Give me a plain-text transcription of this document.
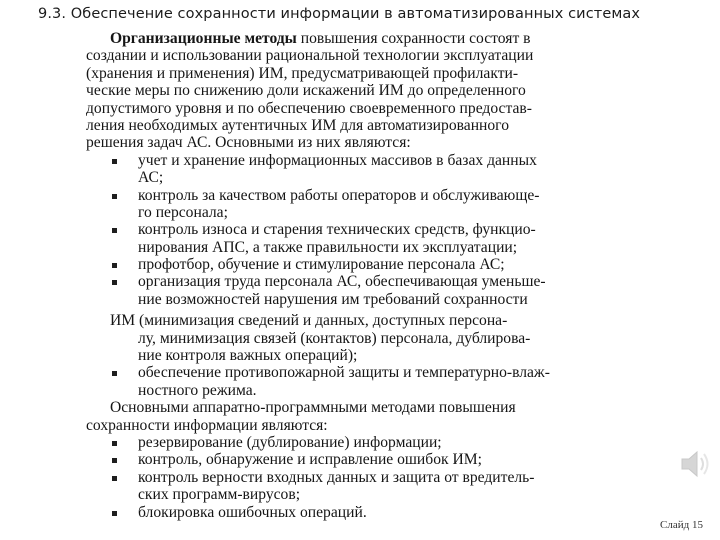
9.3. Обеспечение сохранности информации в автоматизированных системах
Организационные методы повышения сохранности состоят в
создании и использовании рациональной технологии эксплуатации
(хранения и применения) ИМ, предусматривающей профилакти-
ческие меры по снижению доли искажений ИМ до определенного
допустимого уровня и по обеспечению своевременного предостав-
ления необходимых аутентичных ИМ для автоматизированного
решения задач АС. Основными из них являются:
учет и хранение информационных массивов в базах данных
АС;
контроль за качеством работы операторов и обслуживающе-
го персонала;
контроль износа и старения технических средств, функцио-
нирования АПС, а также правильности их эксплуатации;
профотбор, обучение и стимулирование персонала АС;
организация труда персонала АС, обеспечивающая уменьше-
ние возможностей нарушения им требований сохранности
ИМ (минимизация сведений и данных, доступных персона-
лу, минимизация связей (контактов) персонала, дублирова-
ние контроля важных операций);
обеспечение противопожарной защиты и температурно-влаж-
ностного режима.
Основными аппаратно-программными методами повышения
сохранности информации являются:
резервирование (дублирование) информации;
контроль, обнаружение и исправление ошибок ИМ;
контроль верности входных данных и защита от вредитель-
ских программ-вирусов;
блокировка ошибочных операций.
Слайд 15
